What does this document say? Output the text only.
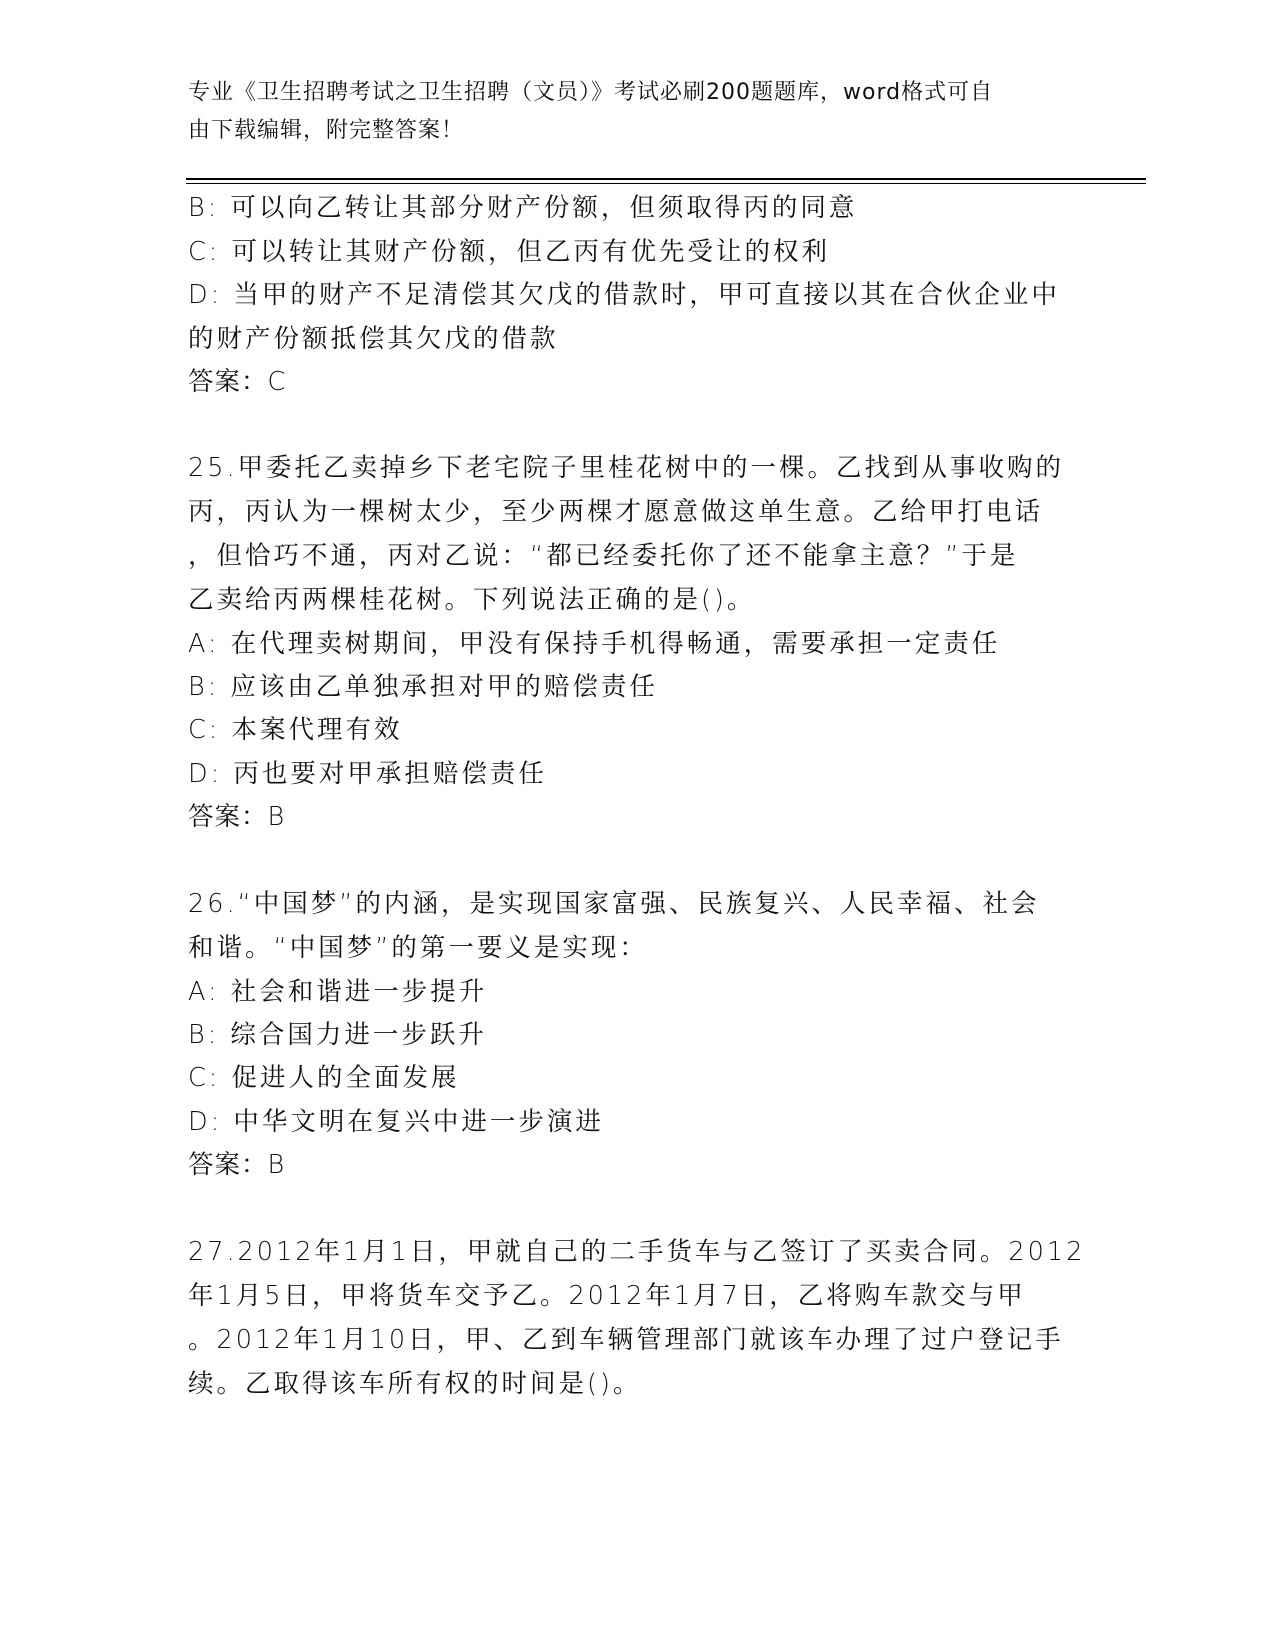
专业《卫生招聘考试之卫生招聘（文员）》考试必刷200题题库，word格式可自
由下载编辑，附完整答案！
B: 可以向乙转让其部分财产份额，但须取得丙的同意
C: 可以转让其财产份额，但乙丙有优先受让的权利
D: 当甲的财产不足清偿其欠戊的借款时，甲可直接以其在合伙企业中
的财产份额抵偿其欠戊的借款
答案：C
25.甲委托乙卖掉乡下老宅院子里桂花树中的一棵。乙找到从事收购的
丙，丙认为一棵树太少，至少两棵才愿意做这单生意。乙给甲打电话
，但恰巧不通，丙对乙说：“都已经委托你了还不能拿主意？”于是
乙卖给丙两棵桂花树。下列说法正确的是()。
A: 在代理卖树期间，甲没有保持手机得畅通，需要承担一定责任
B: 应该由乙单独承担对甲的赔偿责任
C: 本案代理有效
D: 丙也要对甲承担赔偿责任
答案：B
26.“中国梦”的内涵，是实现国家富强、民族复兴、人民幸福、社会
和谐。“中国梦”的第一要义是实现：
A: 社会和谐进一步提升
B: 综合国力进一步跃升
C: 促进人的全面发展
D: 中华文明在复兴中进一步演进
答案：B
27.2012年1月1日，甲就自己的二手货车与乙签订了买卖合同。2012
年1月5日，甲将货车交予乙。2012年1月7日，乙将购车款交与甲
。2012年1月10日，甲、乙到车辆管理部门就该车办理了过户登记手
续。乙取得该车所有权的时间是()。
